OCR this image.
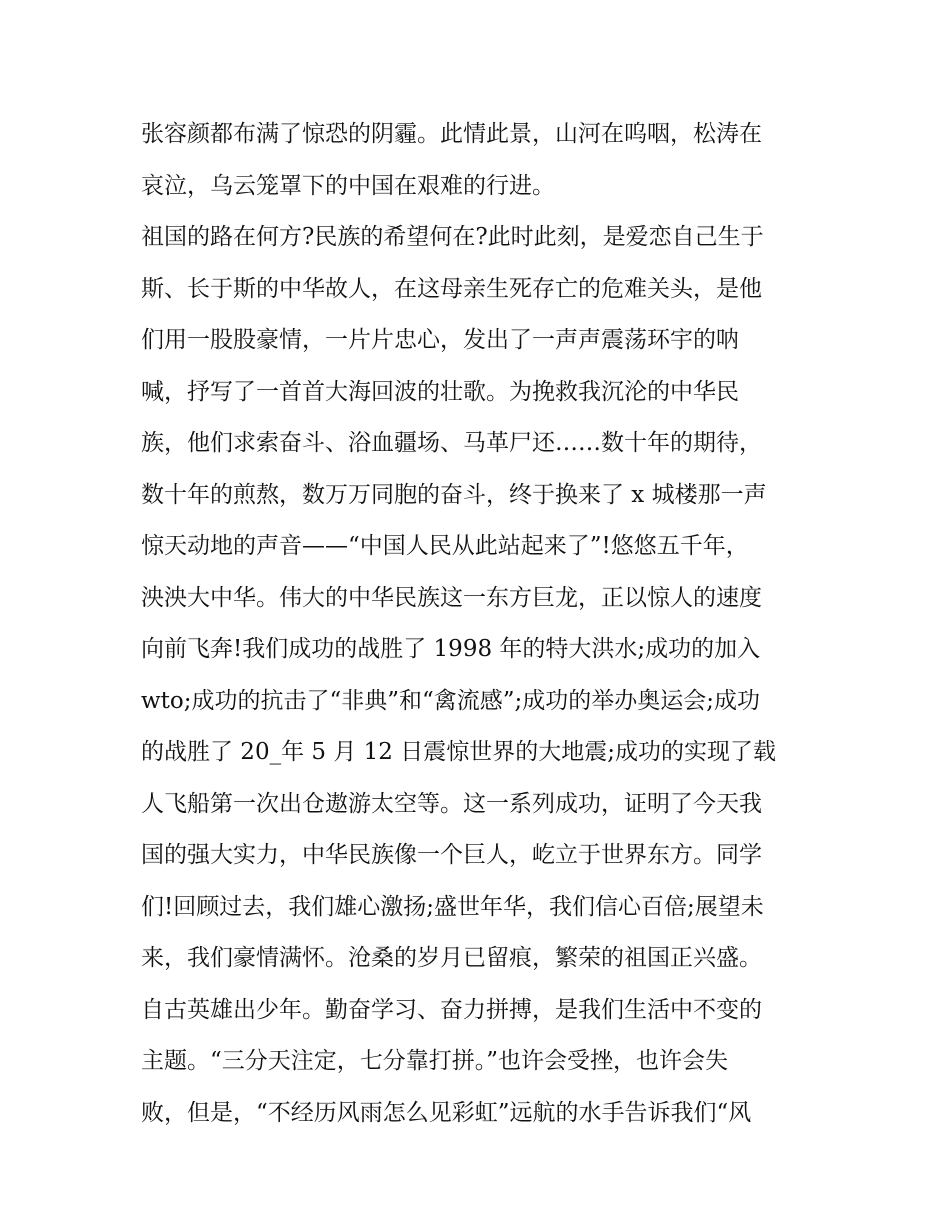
张容颜都布满了惊恐的阴霾。此情此景，山河在呜咽，松涛在
哀泣，乌云笼罩下的中国在艰难的行进。
祖国的路在何方?民族的希望何在?此时此刻，是爱恋自己生于
斯、长于斯的中华故人，在这母亲生死存亡的危难关头，是他
们用一股股豪情，一片片忠心，发出了一声声震荡环宇的呐
喊，抒写了一首首大海回波的壮歌。为挽救我沉沦的中华民
族，他们求索奋斗、浴血疆场、马革尸还……数十年的期待，
数十年的煎熬，数万万同胞的奋斗，终于换来了 x 城楼那一声
惊天动地的声音——“中国人民从此站起来了”!悠悠五千年，
泱泱大中华。伟大的中华民族这一东方巨龙，正以惊人的速度
向前飞奔!我们成功的战胜了 1998 年的特大洪水;成功的加入
wto;成功的抗击了“非典”和“禽流感”;成功的举办奥运会;成功
的战胜了 20_年 5 月 12 日震惊世界的大地震;成功的实现了载
人飞船第一次出仓遨游太空等。这一系列成功，证明了今天我
国的强大实力，中华民族像一个巨人，屹立于世界东方。同学
们!回顾过去，我们雄心激扬;盛世年华，我们信心百倍;展望未
来，我们豪情满怀。沧桑的岁月已留痕，繁荣的祖国正兴盛。
自古英雄出少年。勤奋学习、奋力拼搏，是我们生活中不变的
主题。“三分天注定，七分靠打拼。”也许会受挫，也许会失
败，但是，“不经历风雨怎么见彩虹”远航的水手告诉我们“风
